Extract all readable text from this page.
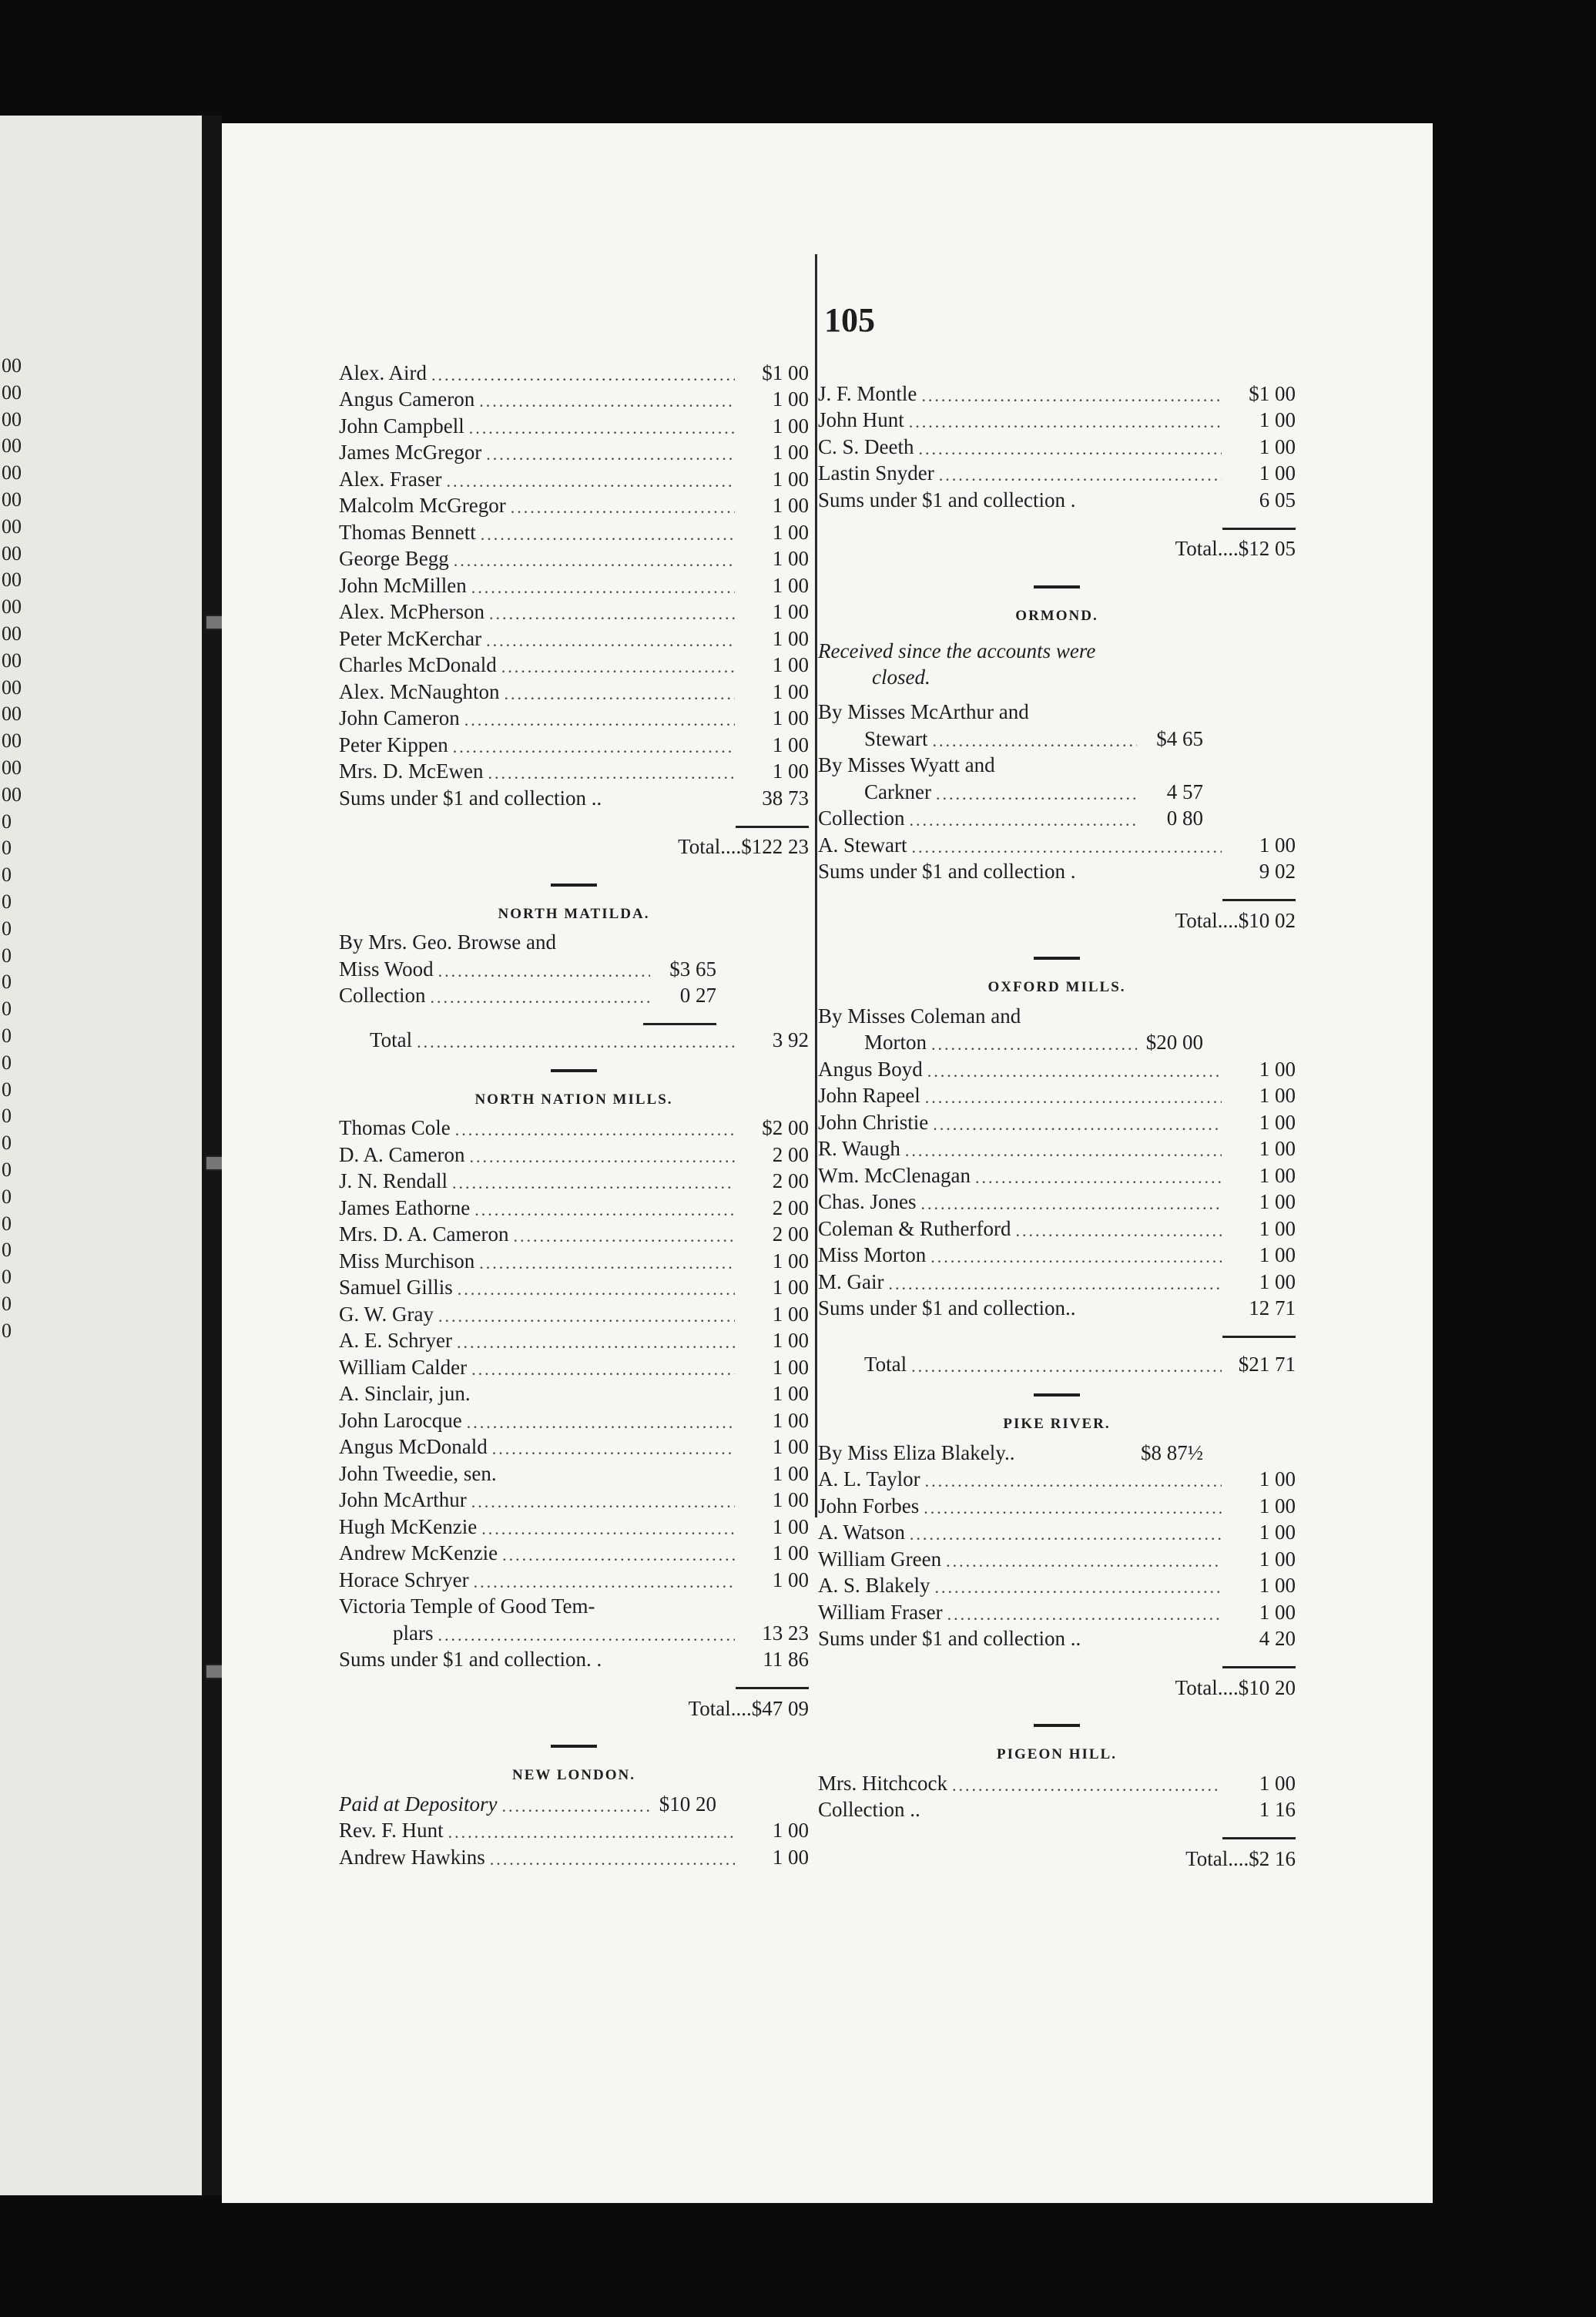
00
00
00
00
00
00
00
00
00
00
00
00
00
00
00
00
00
0
0
0
0
0
0
0
0
0
0
0
0
0
0
0
0
0
0
0
0
105
Alex. Aird .....	$1 00
Angus Cameron .....	1 00
John Campbell .....	1 00
James McGregor .....	1 00
Alex. Fraser .....	1 00
Malcolm McGregor .....	1 00
Thomas Bennett .....	1 00
George Begg .....	1 00
John McMillen .....	1 00
Alex. McPherson .....	1 00
Peter McKerchar .....	1 00
Charles McDonald .....	1 00
Alex. McNaughton .....	1 00
John Cameron .....	1 00
Peter Kippen .....	1 00
Mrs. D. McEwen .....	1 00
Sums under $1 and collection ..	38 73
Total....$122 23
NORTH MATILDA.
By Mrs. Geo. Browse and
Miss Wood .....	$3 65
Collection .....	0 27
Total .....	3 92
NORTH NATION MILLS.
Thomas Cole .....	$2 00
D. A. Cameron .....	2 00
J. N. Rendall .....	2 00
James Eathorne .....	2 00
Mrs. D. A. Cameron .....	2 00
Miss Murchison .....	1 00
Samuel Gillis .....	1 00
G. W. Gray .....	1 00
A. E. Schryer .....	1 00
William Calder .....	1 00
A. Sinclair, jun.	1 00
John Larocque .....	1 00
Angus McDonald .....	1 00
John Tweedie, sen.	1 00
John McArthur .....	1 00
Hugh McKenzie .....	1 00
Andrew McKenzie .....	1 00
Horace Schryer .....	1 00
Victoria Temple of Good Tem-
plars .....	13 23
Sums under $1 and collection. .	11 86
Total....$47 09
NEW LONDON.
Paid at Depository .....	$10 20
Rev. F. Hunt .....	1 00
Andrew Hawkins .....	1 00
J. F. Montle .....	$1 00
John Hunt .....	1 00
C. S. Deeth .....	1 00
Lastin Snyder .....	1 00
Sums under $1 and collection .	6 05
Total....$12 05
ORMOND.
Received since the accounts were
closed.
By Misses McArthur and
Stewart .....	$4 65
By Misses Wyatt and
Carkner .....	4 57
Collection .....	0 80
A. Stewart .....	1 00
Sums under $1 and collection .	9 02
Total....$10 02
OXFORD MILLS.
By Misses Coleman and
Morton .....	$20 00
Angus Boyd .....	1 00
John Rapeel .....	1 00
John Christie .....	1 00
R. Waugh .....	1 00
Wm. McClenagan .....	1 00
Chas. Jones .....	1 00
Coleman & Rutherford .....	1 00
Miss Morton .....	1 00
M. Gair .....	1 00
Sums under $1 and collection..	12 71
Total .....	$21 71
PIKE RIVER.
By Miss Eliza Blakely..	$8 87½
A. L. Taylor .....	1 00
John Forbes .....	1 00
A. Watson .....	1 00
William Green .....	1 00
A. S. Blakely .....	1 00
William Fraser .....	1 00
Sums under $1 and collection ..	4 20
Total....$10 20
PIGEON HILL.
Mrs. Hitchcock .....	1 00
Collection ..	1 16
Total....$2 16
